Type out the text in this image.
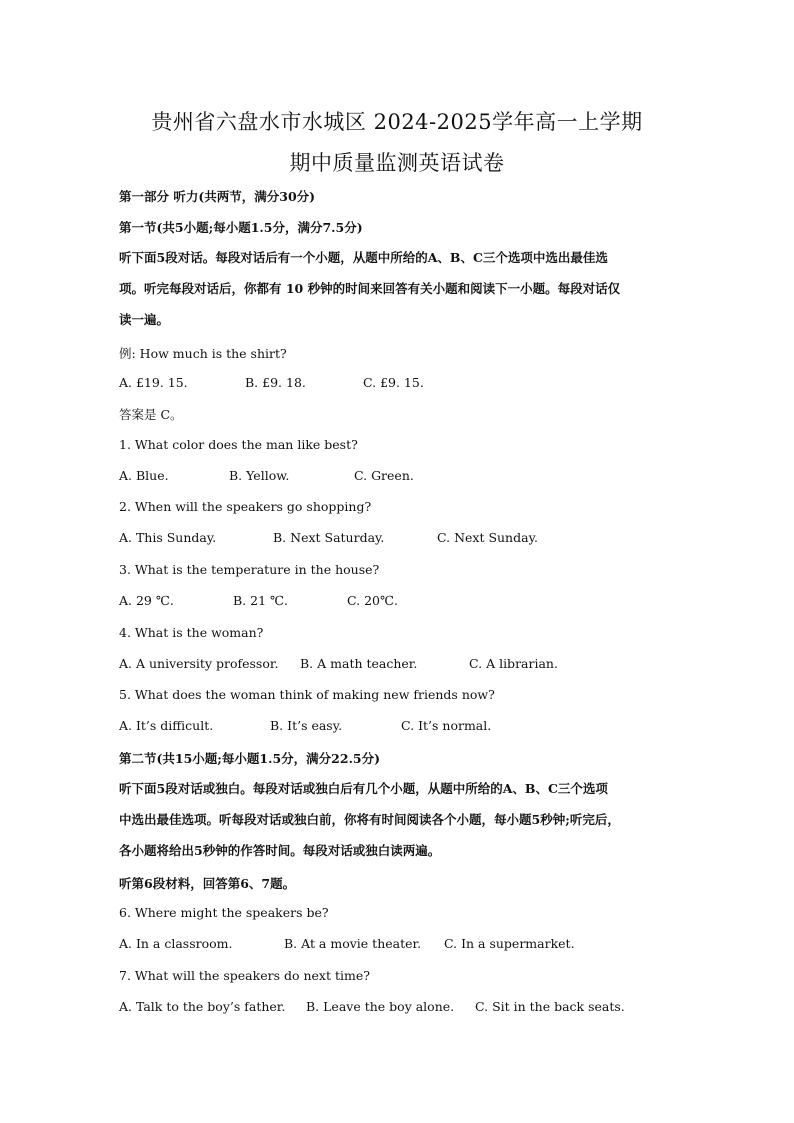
贵州省六盘水市水城区 2024-2025学年高一上学期
期中质量监测英语试卷
第一部分 听力(共两节，满分30分)
第一节(共5小题;每小题1.5分，满分7.5分)
听下面5段对话。每段对话后有一个小题，从题中所给的A、B、C三个选项中选出最佳选
项。听完每段对话后，你都有 10 秒钟的时间来回答有关小题和阅读下一小题。每段对话仅
读一遍。
例: How much is the shirt?
A. £19. 15.	B. £9. 18.	C. £9. 15.
答案是 C。
1. What color does the man like best?
A. Blue.	B. Yellow.	C. Green.
2. When will the speakers go shopping?
A. This Sunday.	B. Next Saturday.	C. Next Sunday.
3. What is the temperature in the house?
A. 29 ℃.	B. 21 ℃.	C. 20℃.
4. What is the woman?
A. A university professor. B. A math teacher.	C. A librarian.
5. What does the woman think of making new friends now?
A. It’s difficult.	B. It’s easy.	C. It’s normal.
第二节(共15小题;每小题1.5分，满分22.5分)
听下面5段对话或独白。每段对话或独白后有几个小题，从题中所给的A、B、C三个选项
中选出最佳选项。听每段对话或独白前，你将有时间阅读各个小题，每小题5秒钟;听完后，
各小题将给出5秒钟的作答时间。每段对话或独白读两遍。
听第6段材料，回答第6、7题。
6. Where might the speakers be?
A. In a classroom.	B. At a movie theater. C. In a supermarket.
7. What will the speakers do next time?
A. Talk to the boy’s father. B. Leave the boy alone. C. Sit in the back seats.
